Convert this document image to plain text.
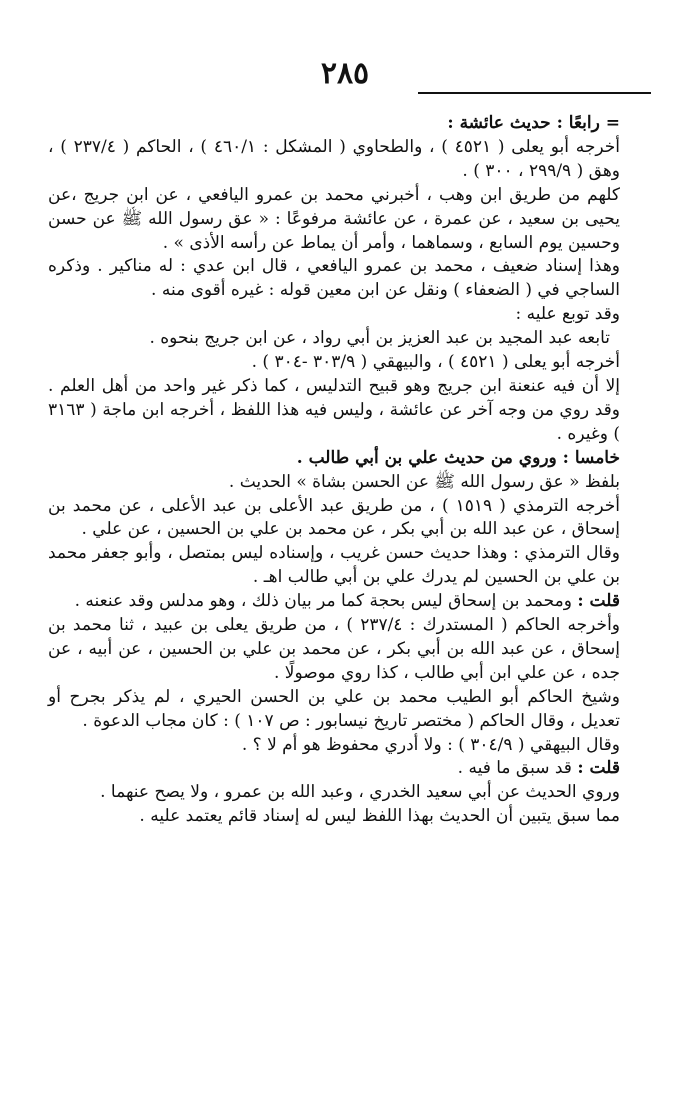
٢٨٥

= رابعًا : حديث عائشة :

أخرجه أبو يعلى ( ٤٥٢١ ) ، والطحاوي ( المشكل : ٤٦٠/١ ) ، الحاكم ( ٢٣٧/٤ ) ، وهق ( ٢٩٩/٩ ، ٣٠٠ ) .

كلهم من طريق ابن وهب ، أخبرني محمد بن عمرو اليافعي ، عن ابن جريج ،عن يحيى بن سعيد ، عن عمرة ، عن عائشة مرفوعًا : « عق رسول الله ﷺ عن حسن وحسين يوم السابع ، وسماهما ، وأمر أن يماط عن رأسه الأذى » .

وهذا إسناد ضعيف ، محمد بن عمرو اليافعي ، قال ابن عدي : له مناكير . وذكره الساجي في ( الضعفاء ) ونقل عن ابن معين قوله : غيره أقوى منه .

وقد توبع عليه :

تابعه عبد المجيد بن عبد العزيز بن أبي رواد ، عن ابن جريج بنحوه .

أخرجه أبو يعلى ( ٤٥٢١ ) ، والبيهقي ( ٣٠٣/٩ -٣٠٤ ) .

إلا أن فيه عنعنة ابن جريج وهو قبيح التدليس ، كما ذكر غير واحد من أهل العلم . وقد روي من وجه آخر عن عائشة ، وليس فيه هذا اللفظ ، أخرجه ابن ماجة ( ٣١٦٣ ) وغيره .

خامسا : وروي من حديث علي بن أبي طالب .

بلفظ « عق رسول الله ﷺ عن الحسن بشاة » الحديث .

أخرجه الترمذي ( ١٥١٩ ) ، من طريق عبد الأعلى بن عبد الأعلى ، عن محمد بن إسحاق ، عن عبد الله بن أبي بكر ، عن محمد بن علي بن الحسين ، عن علي .

وقال الترمذي : وهذا حديث حسن غريب ، وإسناده ليس بمتصل ، وأبو جعفر محمد بن علي بن الحسين لم يدرك علي بن أبي طالب اهـ .

قلت : ومحمد بن إسحاق ليس بحجة كما مر بيان ذلك ، وهو مدلس وقد عنعنه .

وأخرجه الحاكم ( المستدرك : ٢٣٧/٤ ) ، من طريق يعلى بن عبيد ، ثنا محمد بن إسحاق ، عن عبد الله بن أبي بكر ، عن محمد بن علي بن الحسين ، عن أبيه ، عن جده ، عن علي ابن أبي طالب ، كذا روي موصولًا .

وشيخ الحاكم أبو الطيب محمد بن علي بن الحسن الحيري ، لم يذكر بجرح أو تعديل ، وقال الحاكم ( مختصر تاريخ نيسابور : ص ١٠٧ ) : كان مجاب الدعوة .

وقال البيهقي ( ٣٠٤/٩ ) : ولا أدري محفوظ هو أم لا ؟ .

قلت : قد سبق ما فيه .

وروي الحديث عن أبي سعيد الخدري ، وعبد الله بن عمرو ، ولا يصح عنهما .

مما سبق يتبين أن الحديث بهذا اللفظ ليس له إسناد قائم يعتمد عليه .
